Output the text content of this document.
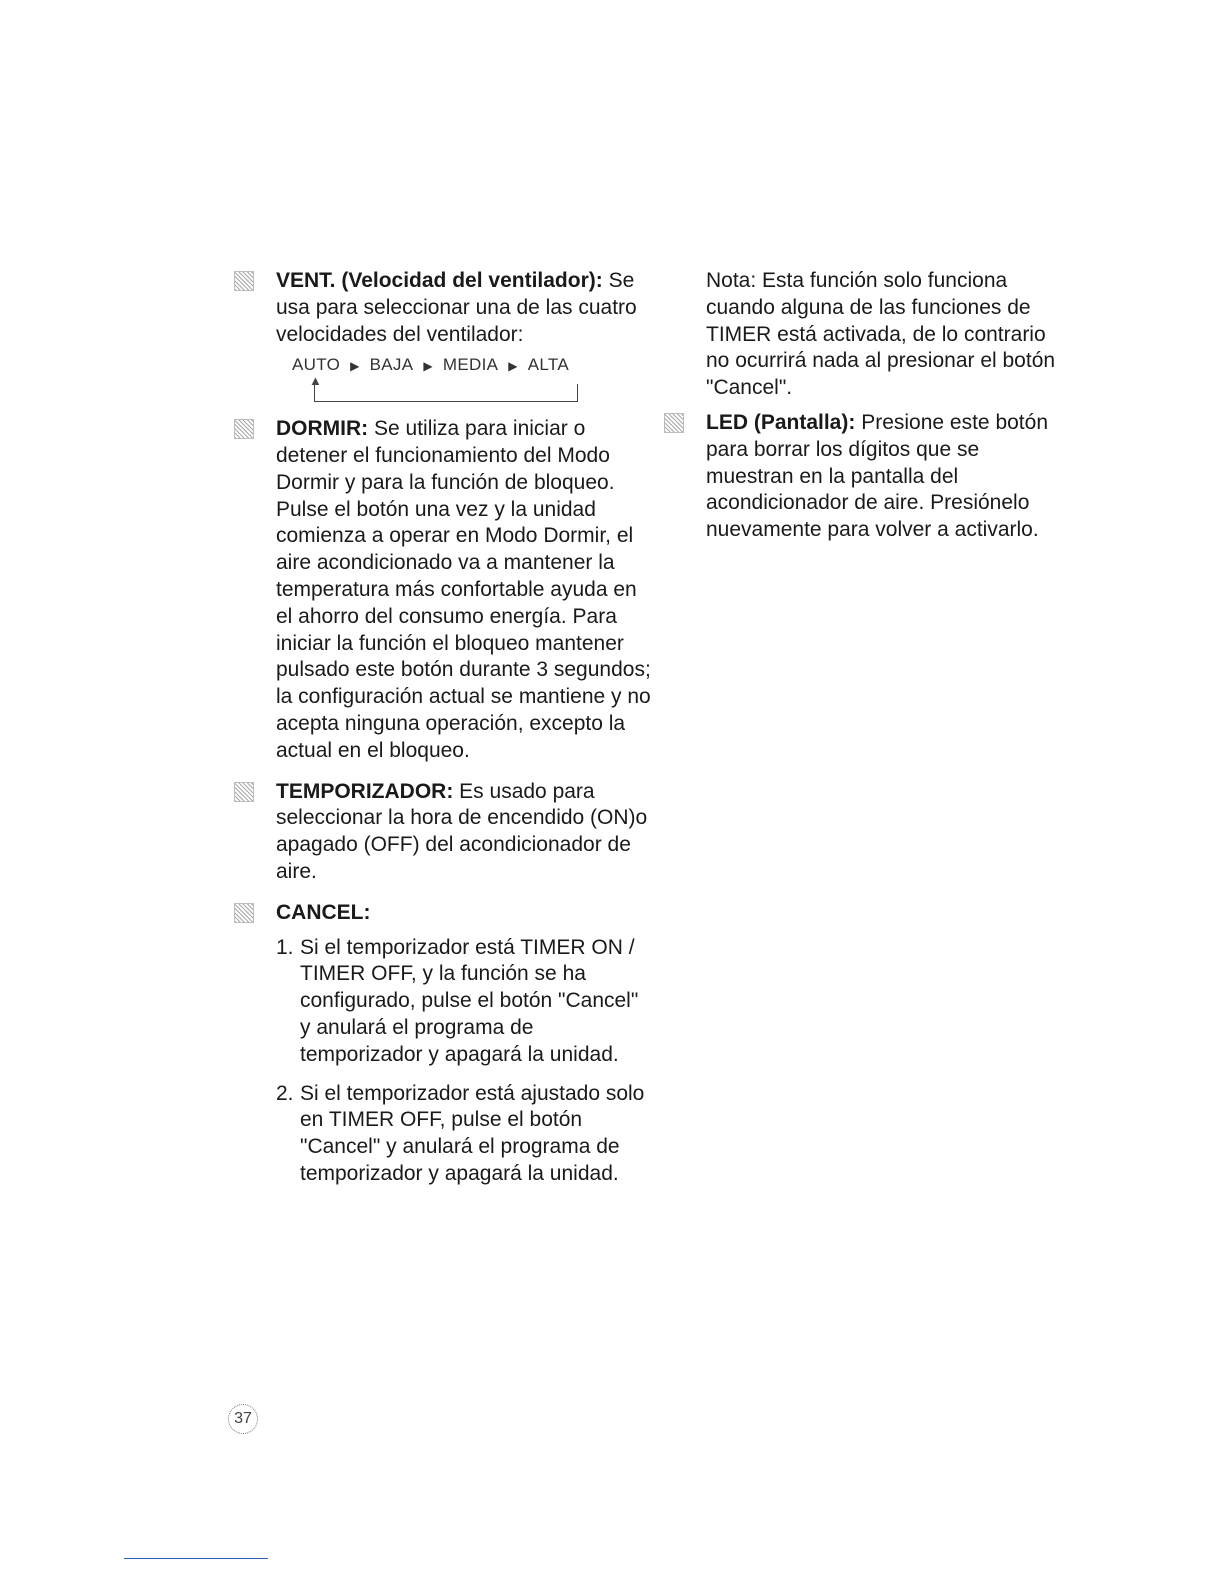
VENT. (Velocidad del ventilador): Se usa para seleccionar una de las cuatro velocidades del ventilador:
AUTO ▶ BAJA ▶ MEDIA ▶ ALTA
▲
DORMIR: Se utiliza para iniciar o detener el funcionamiento del Modo Dormir y para la función de bloqueo. Pulse el botón una vez y la unidad comienza a operar en Modo Dormir, el aire acondicionado va a mantener la temperatura más confortable ayuda en el ahorro del consumo energía. Para iniciar la función el bloqueo mantener pulsado este botón durante 3 segundos; la configuración actual se mantiene y no acepta ninguna operación, excepto la actual en el bloqueo.
TEMPORIZADOR: Es usado para seleccionar la hora de encendido (ON)o apagado (OFF) del acondicionador de aire.
CANCEL:
1. Si el temporizador está TIMER ON / TIMER OFF, y la función se ha configurado, pulse el botón "Cancel" y anulará el programa de temporizador y apagará la unidad.
2. Si el temporizador está ajustado solo en TIMER OFF, pulse el botón "Cancel" y anulará el programa de temporizador y apagará la unidad.
Nota: Esta función solo funciona cuando alguna de las funciones de TIMER está activada, de lo contrario no ocurrirá nada al presionar el botón "Cancel".
LED (Pantalla): Presione este botón para borrar los dígitos que se muestran en la pantalla del acondicionador de aire. Presiónelo nuevamente para volver a activarlo.
37
